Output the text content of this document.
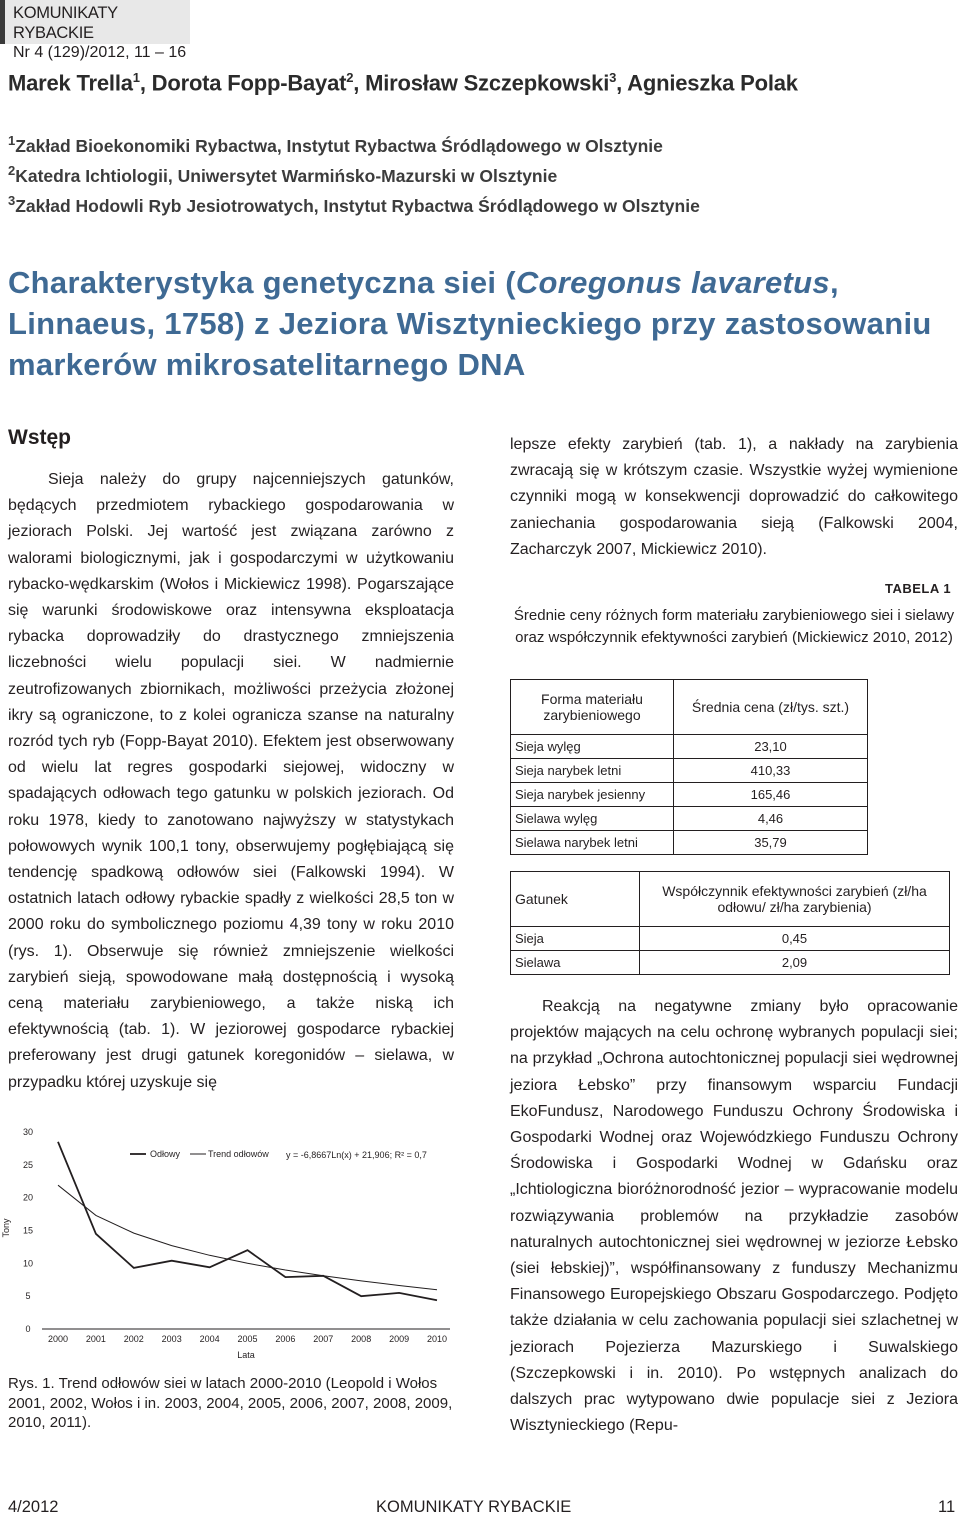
KOMUNIKATY RYBACKIE
Nr 4 (129)/2012, 11 – 16
Marek Trella$^1$, Dorota Fopp-Bayat$^2$, Mirosław Szczepkowski$^3$, Agnieszka Polak
$^1$Zakład Bioekonomiki Rybactwa, Instytut Rybactwa Śródlądowego w Olsztynie
$^2$Katedra Ichtiologii, Uniwersytet Warmińsko-Mazurski w Olsztynie
$^3$Zakład Hodowli Ryb Jesiotrowatych, Instytut Rybactwa Śródlądowego w Olsztynie
Charakterystyka genetyczna siei (Coregonus lavaretus, Linnaeus, 1758) z Jeziora Wisztynieckiego przy zastosowaniu markerów mikrosatelitarnego DNA
Wstęp

Sieja należy do grupy najcenniejszych gatunków, będących przedmiotem rybackiego gospodarowania w jeziorach Polski. Jej wartość jest związana zarówno z walorami biologicznymi, jak i gospodarczymi w użytkowaniu rybacko-wędkarskim (Wołos i Mickiewicz 1998). Pogarszające się warunki środowiskowe oraz intensywna eksploatacja rybacka doprowadziły do drastycznego zmniejszenia liczebności wielu populacji siei. W nadmiernie zeutrofizowanych zbiornikach, możliwości przeżycia złożonej ikry są ograniczone, to z kolei ogranicza szanse na naturalny rozród tych ryb (Fopp-Bayat 2010). Efektem jest obserwowany od wielu lat regres gospodarki siejowej, widoczny w spadających odłowach tego gatunku w polskich jeziorach. Od roku 1978, kiedy to zanotowano najwyższy w statystykach połowowych wynik 100,1 tony, obserwujemy pogłębiającą się tendencję spadkową odłowów siei (Falkowski 1994). W ostatnich latach odłowy rybackie spadły z wielkości 28,5 ton w 2000 roku do symbolicznego poziomu 4,39 tony w roku 2010 (rys. 1). Obserwuje się również zmniejszenie wielkości zarybień sieją, spowodowane małą dostępnością i wysoką ceną materiału zarybieniowego, a także niską ich efektywnością (tab. 1). W jeziorowej gospodarce rybackiej preferowany jest drugi gatunek koregonidów – sielawa, w przypadku której uzyskuje się

lepsze efekty zarybień (tab. 1), a nakłady na zarybienia zwracają się w krótszym czasie. Wszystkie wyżej wymienione czynniki mogą w konsekwencji doprowadzić do całkowitego zaniechania gospodarowania sieją (Falkowski 2004, Zacharczyk 2007, Mickiewicz 2010).

TABELA 1
Średnie ceny różnych form materiału zarybieniowego siei i sielawy oraz współczynnik efektywności zarybień (Mickiewicz 2010, 2012)
Forma materiału zarybieniowego	Średnia cena (zł/tys. szt.)
Sieja wylęg	23,10
Sieja narybek letni	410,33
Sieja narybek jesienny	165,46
Sielawa wylęg	4,46
Sielawa narybek letni	35,79
Gatunek	Współczynnik efektywności zarybień (zł/ha odłowu/ zł/ha zarybienia)
Sieja	0,45
Sielawa	2,09

Reakcją na negatywne zmiany było opracowanie projektów mających na celu ochronę wybranych populacji siei; na przykład „Ochrona autochtonicznej populacji siei wędrownej jeziora Łebsko” przy finansowym wsparciu Fundacji EkoFundusz, Narodowego Funduszu Ochrony Środowiska i Gospodarki Wodnej oraz Wojewódzkiego Funduszu Ochrony Środowiska i Gospodarki Wodnej w Gdańsku oraz „Ichtiologiczna bioróżnorodność jezior – wypracowanie modelu rozwiązywania problemów na przykładzie zasobów naturalnych autochtonicznej siei wędrownej w jeziorze Łebsko (siei łebskiej)”, współfinansowany z funduszy Mechanizmu Finansowego Europejskiego Obszaru Gospodarczego. Podjęto także działania w celu zachowania populacji siei szlachetnej w jeziorach Pojezierza Mazurskiego i Suwalskiego (Szczepkowski i in. 2010). Po wstępnych analizach do dalszych prac wytypowano dwie populacje siei z Jeziora Wisztynieckiego (Repu-

0
5
10
15
20
25
30
2000 2001 2002 2003 2004 2005 2006 2007 2008 2009 2010
Tony
Lata
Odłowy	Trend odłowów y = -6,8667Ln(x) + 21,906; R² = 0,7
Rys. 1. Trend odłowów siei w latach 2000-2010 (Leopold i Wołos 2001, 2002, Wołos i in. 2003, 2004, 2005, 2006, 2007, 2008, 2009, 2010, 2011).
4/2012	KOMUNIKATY RYBACKIE	11
